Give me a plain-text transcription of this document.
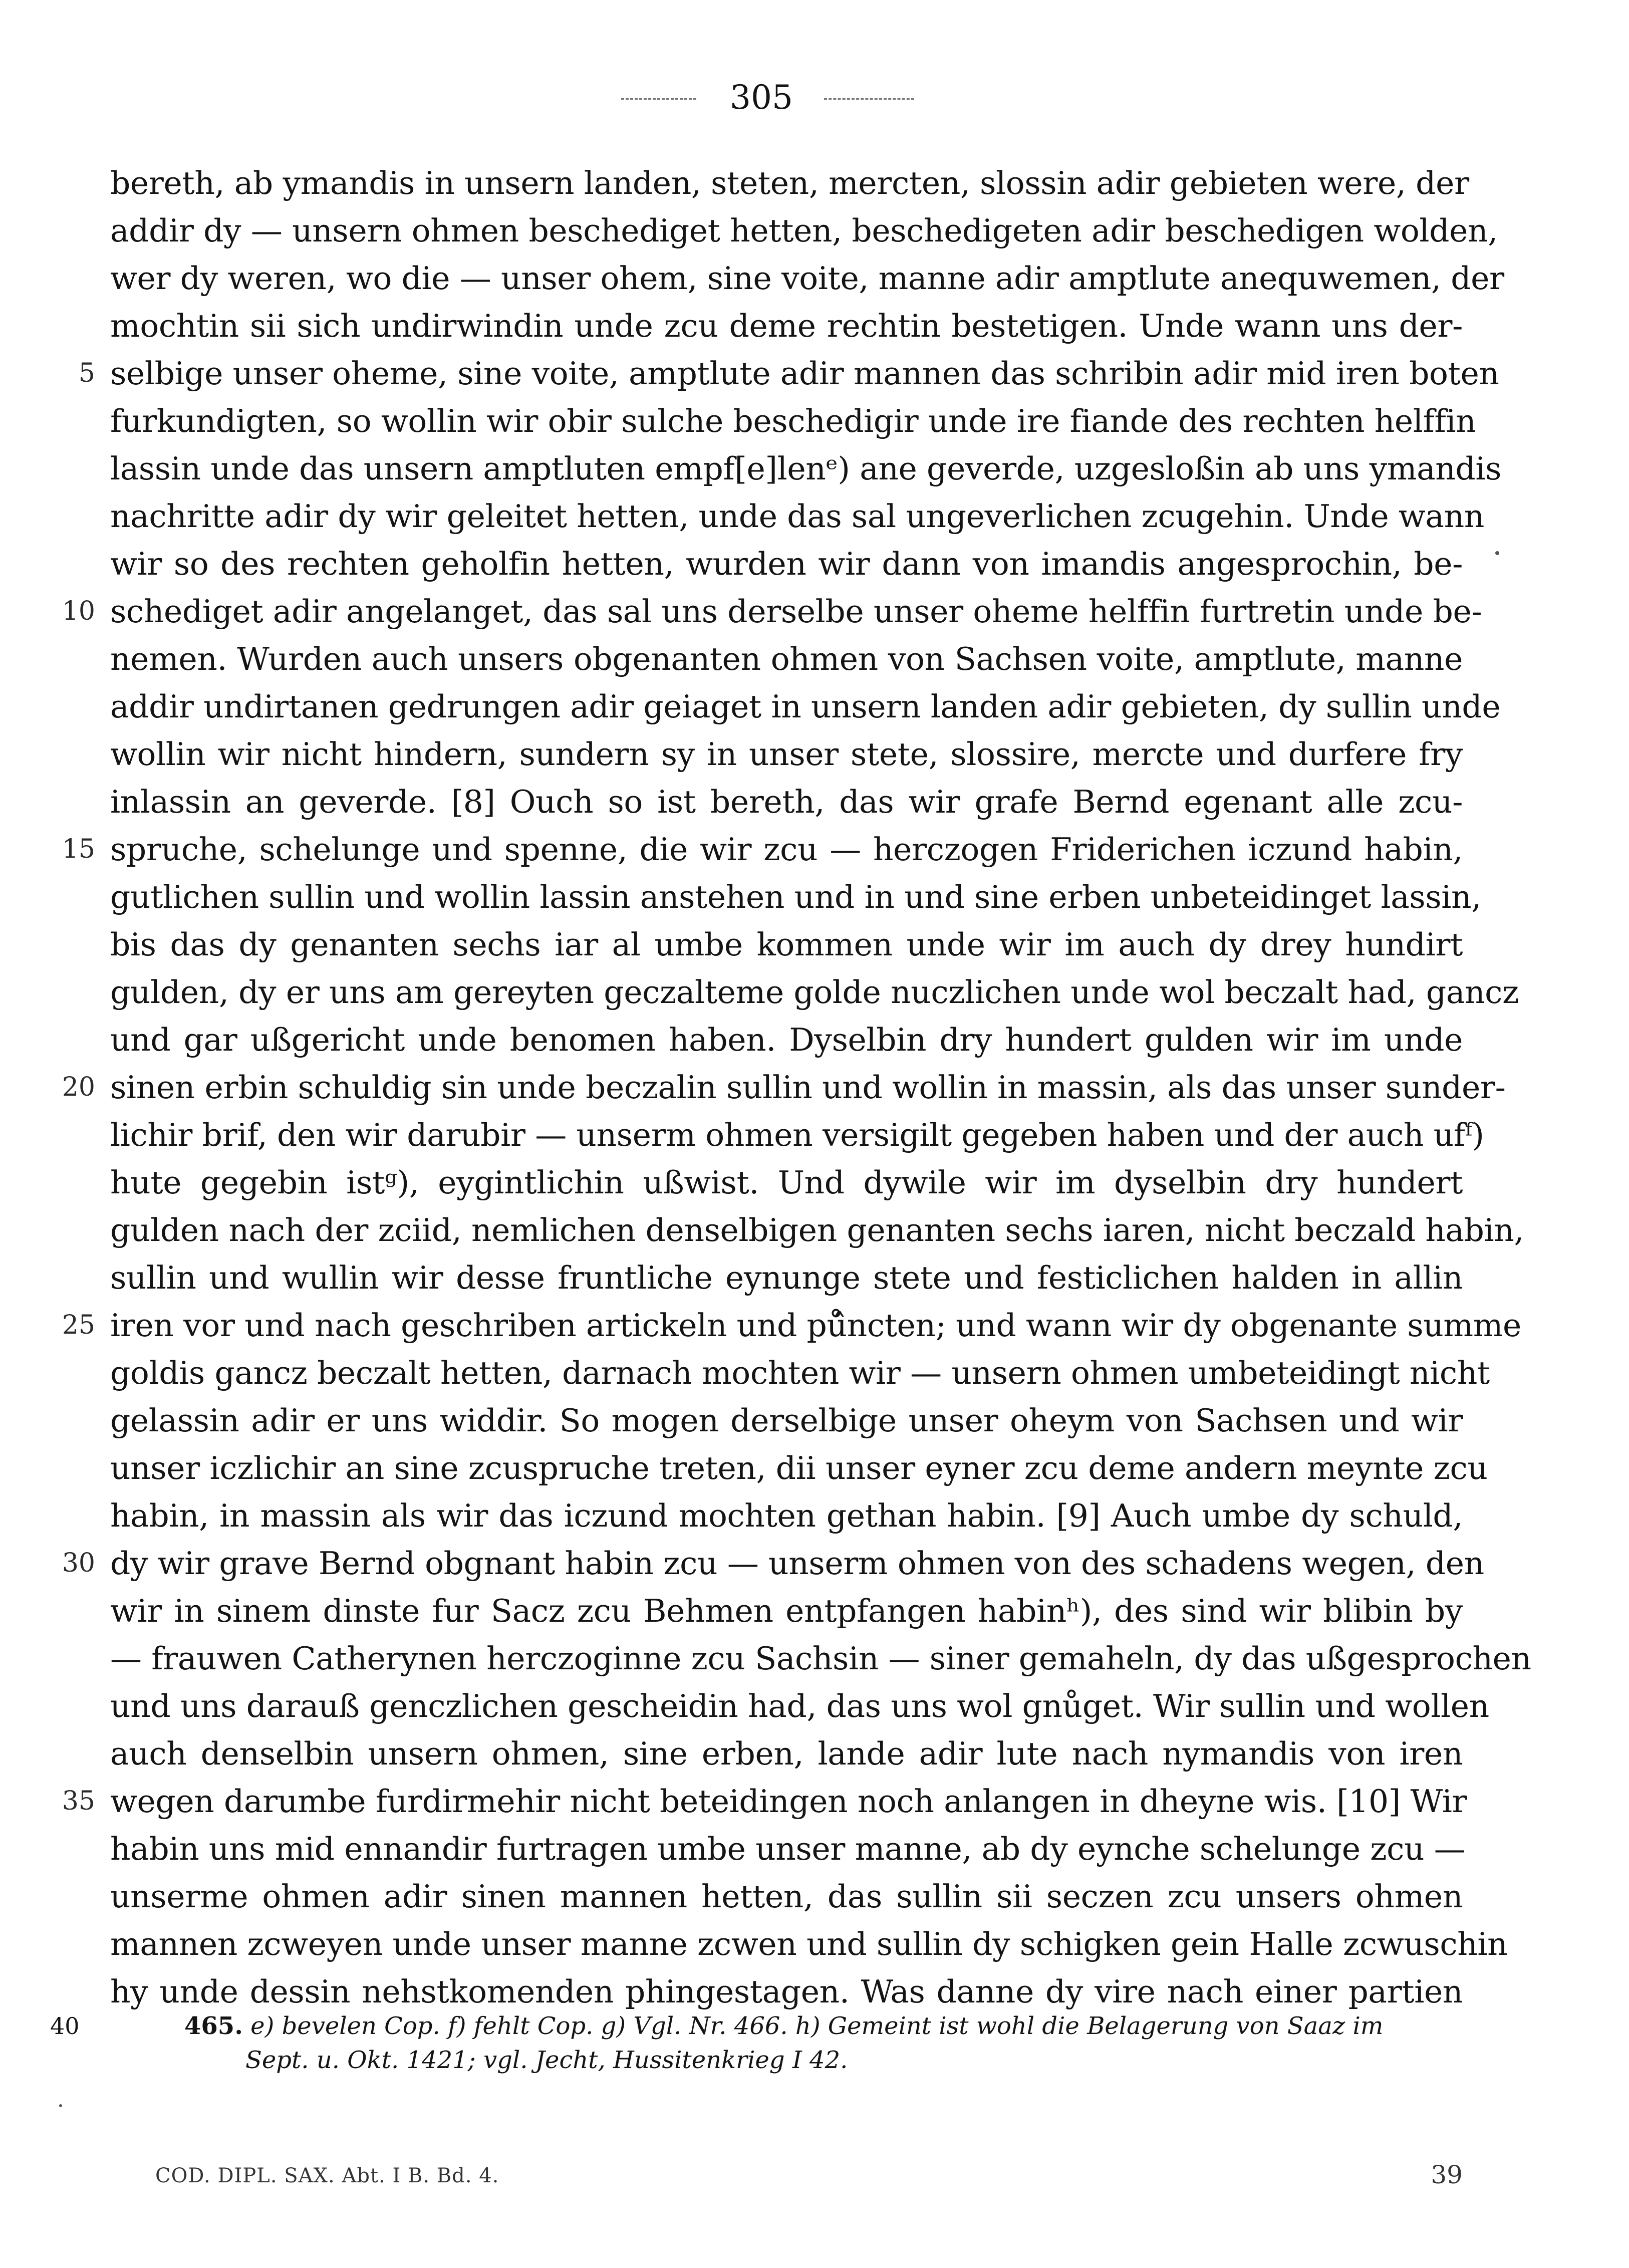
305
bereth, ab ymandis in unsern landen, steten, mercten, slossin adir gebieten were, der
addir dy — unsern ohmen beschediget hetten, beschedigeten adir beschedigen wolden,
wer dy weren, wo die — unser ohem, sine voite, manne adir amptlute anequwemen, der
mochtin sii sich undirwindin unde zcu deme rechtin bestetigen. Unde wann uns der-
5 selbige unser oheme, sine voite, amptlute adir mannen das schribin adir mid iren boten
furkundigten, so wollin wir obir sulche beschedigir unde ire fiande des rechten helffin
lassin unde das unsern amptluten empf[e]lenᵉ) ane geverde, uzgesloßin ab uns ymandis
nachritte adir dy wir geleitet hetten, unde das sal ungeverlichen zcugehin. Unde wann
wir so des rechten geholfin hetten, wurden wir dann von imandis angesprochin, be-
10 schediget adir angelanget, das sal uns derselbe unser oheme helffin furtretin unde be-
nemen. Wurden auch unsers obgenanten ohmen von Sachsen voite, amptlute, manne
addir undirtanen gedrungen adir geiaget in unsern landen adir gebieten, dy sullin unde
wollin wir nicht hindern, sundern sy in unser stete, slossire, mercte und durfere fry
inlassin an geverde. [8] Ouch so ist bereth, das wir grafe Bernd egenant alle zcu-
15 spruche, schelunge und spenne, die wir zcu — herczogen Friderichen iczund habin,
gutlichen sullin und wollin lassin anstehen und in und sine erben unbeteidinget lassin,
bis das dy genanten sechs iar al umbe kommen unde wir im auch dy drey hundirt
gulden, dy er uns am gereyten geczalteme golde nuczlichen unde wol beczalt had, gancz
und gar ußgericht unde benomen haben. Dyselbin dry hundert gulden wir im unde
20 sinen erbin schuldig sin unde beczalin sullin und wollin in massin, als das unser sunder-
lichir brif, den wir darubir — unserm ohmen versigilt gegeben haben und der auch ufᶠ)
hute gegebin istᵍ), eygintlichin ußwist. Und dywile wir im dyselbin dry hundert
gulden nach der zciid, nemlichen denselbigen genanten sechs iaren, nicht beczald habin,
sullin und wullin wir desse fruntliche eynunge stete und festiclichen halden in allin
25 iren vor und nach geschriben artickeln und pů̂ncten; und wann wir dy obgenante summe
goldis gancz beczalt hetten, darnach mochten wir — unsern ohmen umbeteidingt nicht
gelassin adir er uns widdir. So mogen derselbige unser oheym von Sachsen und wir
unser iczlichir an sine zcuspruche treten, dii unser eyner zcu deme andern meynte zcu
habin, in massin als wir das iczund mochten gethan habin. [9] Auch umbe dy schuld,
30 dy wir grave Bernd obgnant habin zcu — unserm ohmen von des schadens wegen, den
wir in sinem dinste fur Sacz zcu Behmen entpfangen habinʰ), des sind wir blibin by
— frauwen Catherynen herczoginne zcu Sachsin — siner gemaheln, dy das ußgesprochen
und uns darauß genczlichen gescheidin had, das uns wol gnůget. Wir sullin und wollen
auch denselbin unsern ohmen, sine erben, lande adir lute nach nymandis von iren
35 wegen darumbe furdirmehir nicht beteidingen noch anlangen in dheyne wis. [10] Wir
habin uns mid ennandir furtragen umbe unser manne, ab dy eynche schelunge zcu —
unserme ohmen adir sinen mannen hetten, das sullin sii seczen zcu unsers ohmen
mannen zcweyen unde unser manne zcwen und sullin dy schigken gein Halle zcwuschin
hy unde dessin nehstkomenden phingestagen. Was danne dy vire nach einer partien
40	465. e) bevelen Cop. f) fehlt Cop. g) Vgl. Nr. 466. h) Gemeint ist wohl die Belagerung von Saaz im
Sept. u. Okt. 1421; vgl. Jecht, Hussitenkrieg I 42.
COD. DIPL. SAX. Abt. I B. Bd. 4.	39
